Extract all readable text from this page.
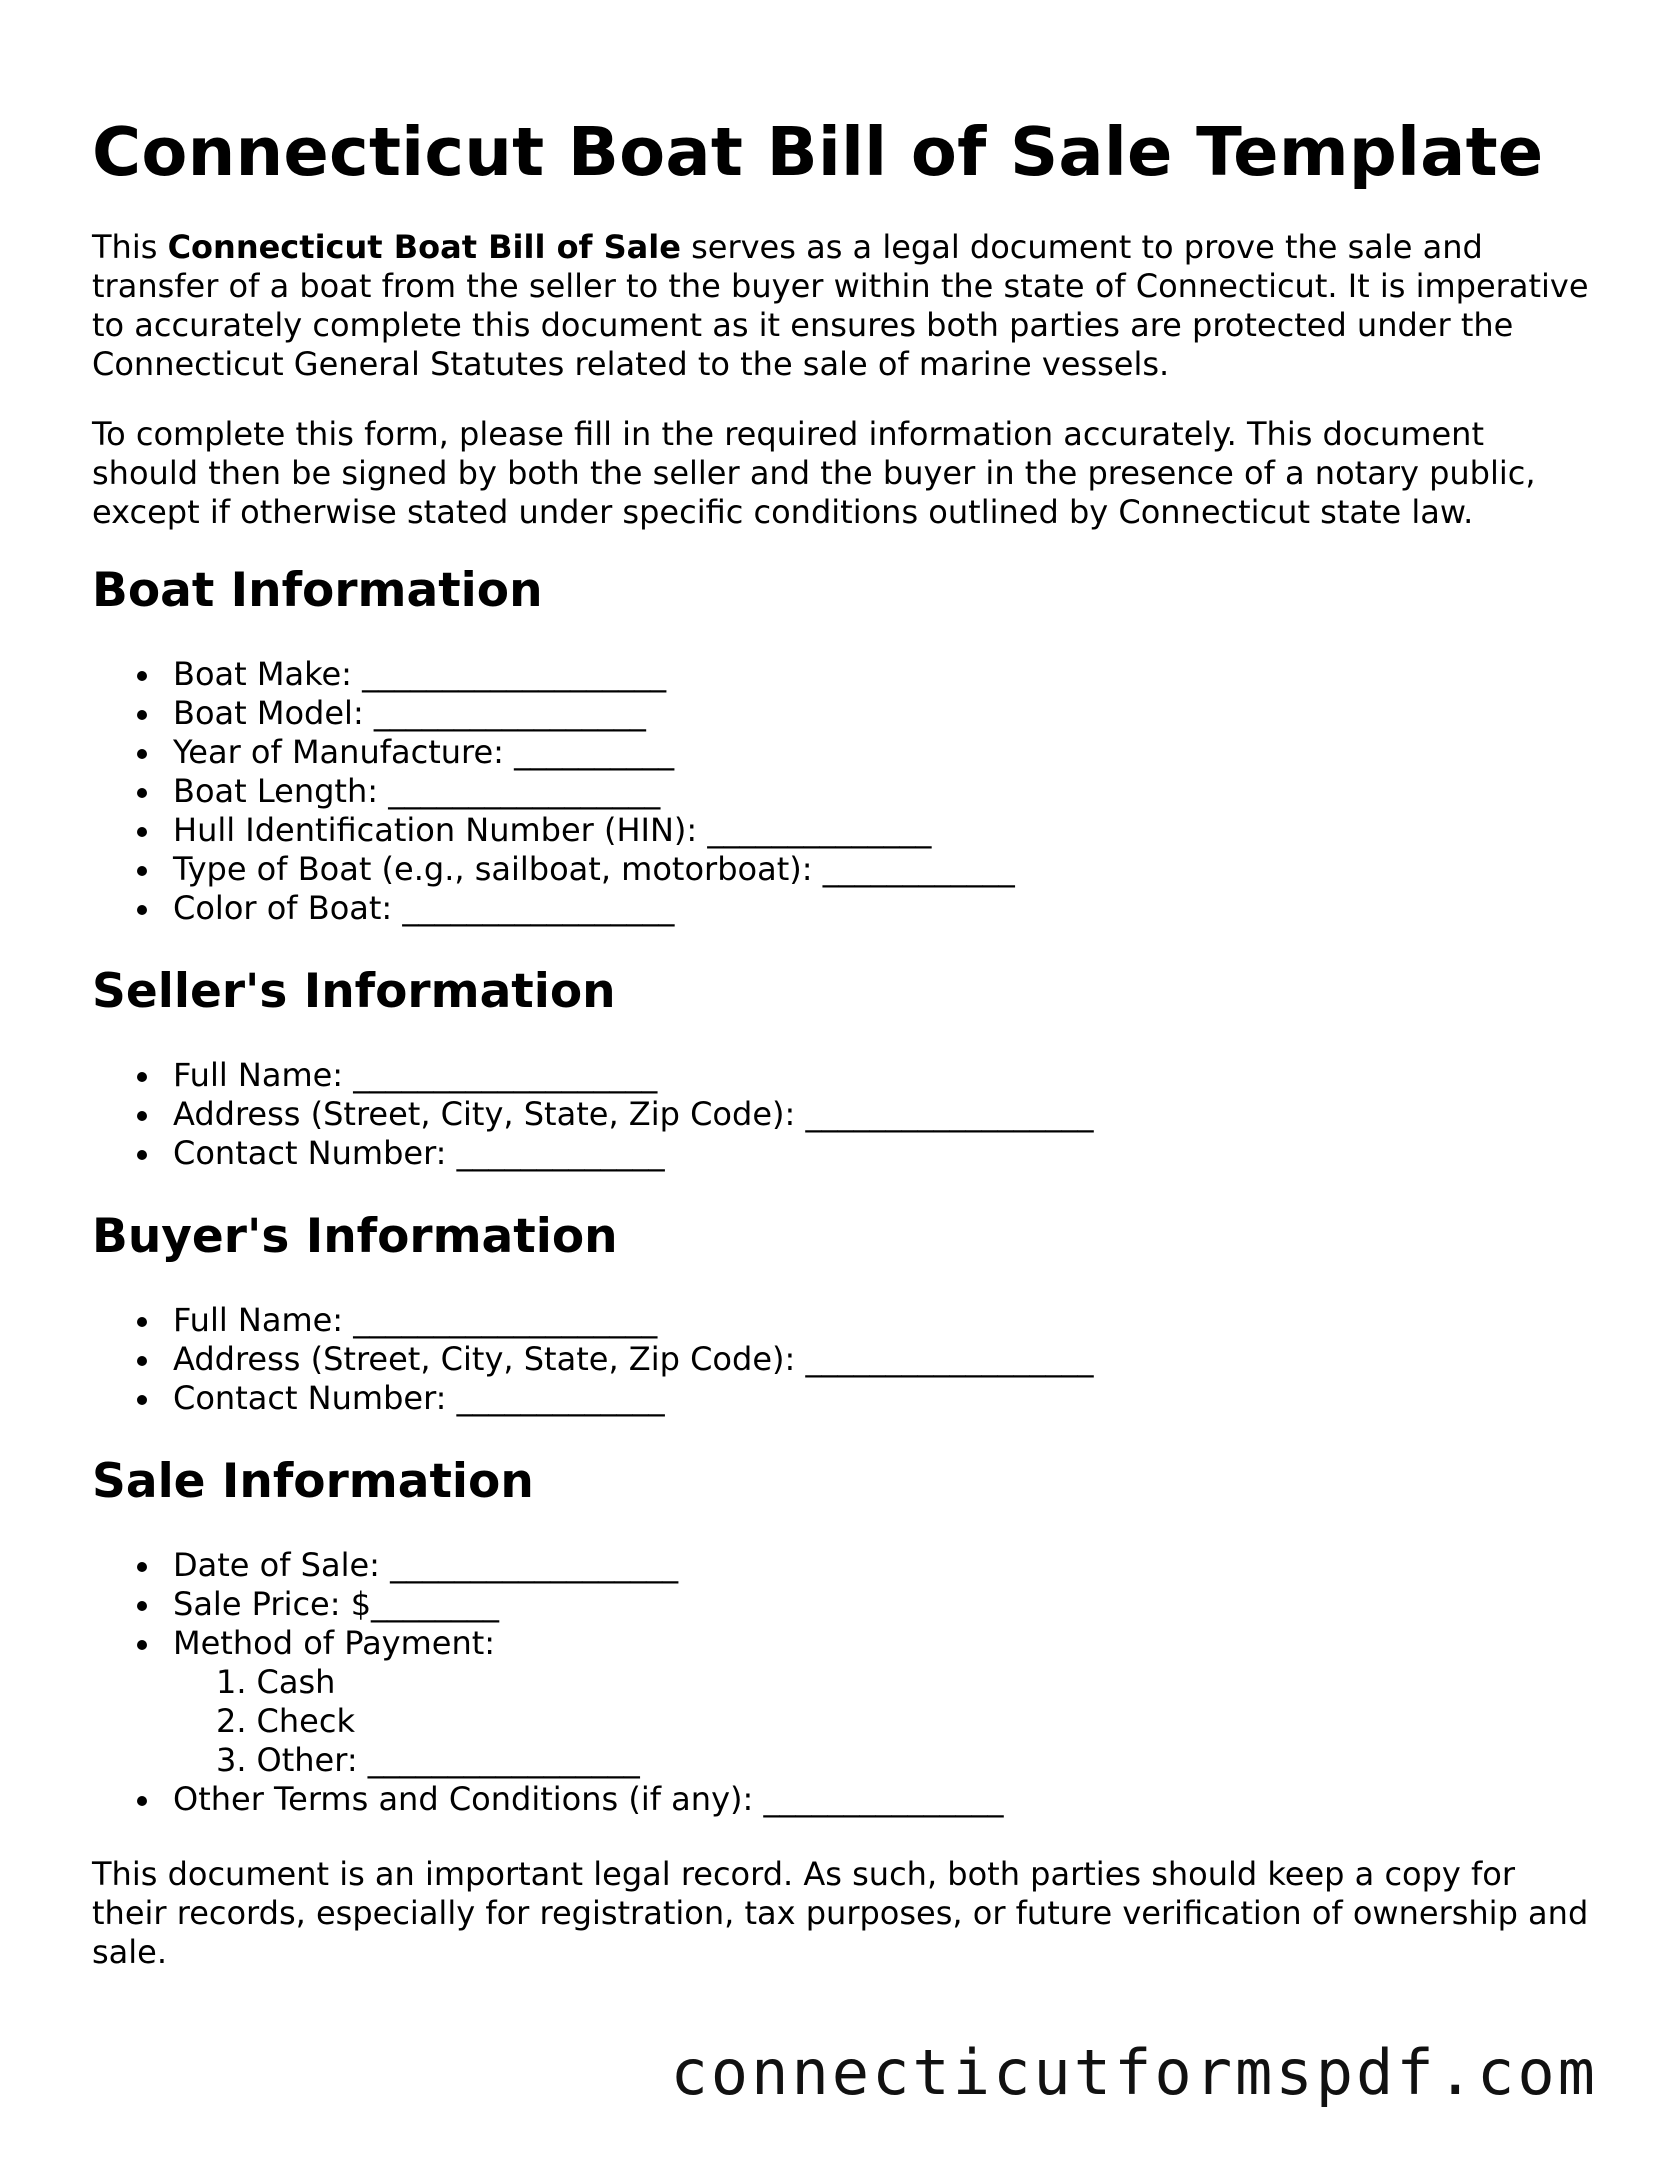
Connecticut Boat Bill of Sale Template

This Connecticut Boat Bill of Sale serves as a legal document to prove the sale and transfer of a boat from the seller to the buyer within the state of Connecticut. It is imperative to accurately complete this document as it ensures both parties are protected under the Connecticut General Statutes related to the sale of marine vessels.

To complete this form, please fill in the required information accurately. This document should then be signed by both the seller and the buyer in the presence of a notary public, except if otherwise stated under specific conditions outlined by Connecticut state law.

Boat Information
Boat Make: ___________________
Boat Model: _________________
Year of Manufacture: __________
Boat Length: _________________
Hull Identification Number (HIN): ______________
Type of Boat (e.g., sailboat, motorboat): ____________
Color of Boat: _________________
Seller's Information
Full Name: ___________________
Address (Street, City, State, Zip Code): __________________
Contact Number: _____________
Buyer's Information
Full Name: ___________________
Address (Street, City, State, Zip Code): __________________
Contact Number: _____________
Sale Information
Date of Sale: __________________
Sale Price: $________
Method of Payment:
1. Cash
2. Check
3. Other: _________________
Other Terms and Conditions (if any): _______________

This document is an important legal record. As such, both parties should keep a copy for their records, especially for registration, tax purposes, or future verification of ownership and sale.

connecticutformspdf.com
